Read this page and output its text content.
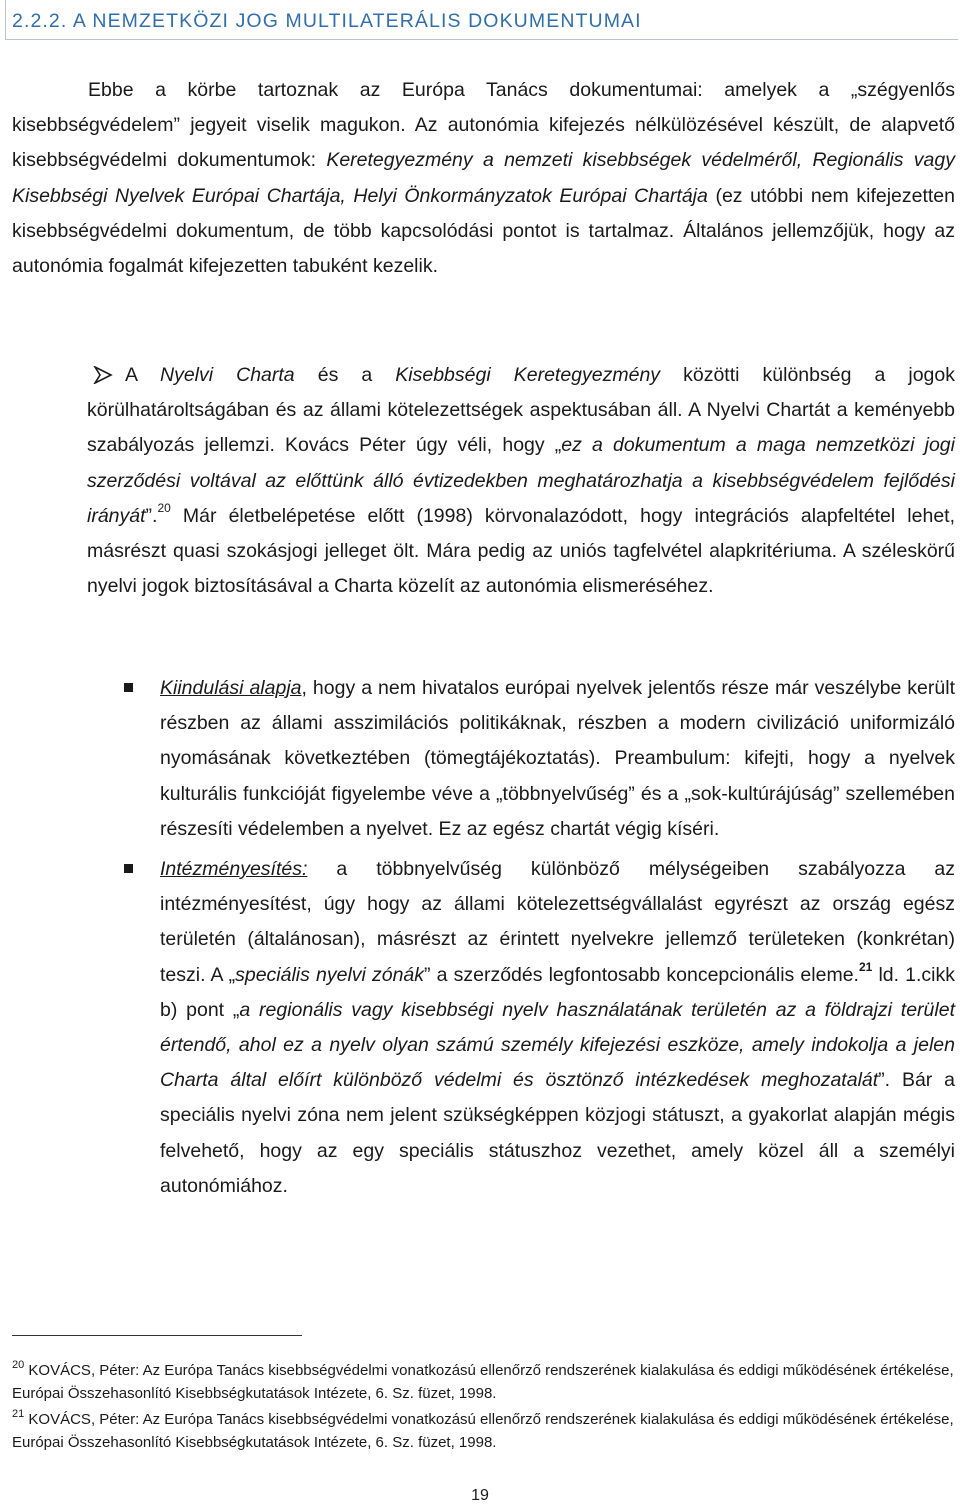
2.2.2. A NEMZETKÖZI JOG MULTILATERÁLIS DOKUMENTUMAI

Ebbe a körbe tartoznak az Európa Tanács dokumentumai: amelyek a „szégyenlős kisebbségvédelem” jegyeit viselik magukon. Az autonómia kifejezés nélkülözésével készült, de alapvető kisebbségvédelmi dokumentumok: Keretegyezmény a nemzeti kisebbségek védelméről, Regionális vagy Kisebbségi Nyelvek Európai Chartája, Helyi Önkormányzatok Európai Chartája (ez utóbbi nem kifejezetten kisebbségvédelmi dokumentum, de több kapcsolódási pontot is tartalmaz. Általános jellemzőjük, hogy az autonómia fogalmát kifejezetten tabuként kezelik.

A Nyelvi Charta és a Kisebbségi Keretegyezmény közötti különbség a jogok körülhatároltságában és az állami kötelezettségek aspektusában áll. A Nyelvi Chartát a keményebb szabályozás jellemzi. Kovács Péter úgy véli, hogy „ez a dokumentum a maga nemzetközi jogi szerződési voltával az előttünk álló évtizedekben meghatározhatja a kisebbségvédelem fejlődési irányát”.$^{20}$ Már életbelépetése előtt (1998) körvonalazódott, hogy integrációs alapfeltétel lehet, másrészt quasi szokásjogi jelleget ölt. Mára pedig az uniós tagfelvétel alapkritériuma. A széleskörű nyelvi jogok biztosításával a Charta közelít az autonómia elismeréséhez.

Kiindulási alapja, hogy a nem hivatalos európai nyelvek jelentős része már veszélybe került részben az állami asszimilációs politikáknak, részben a modern civilizáció uniformizáló nyomásának következtében (tömegtájékoztatás). Preambulum: kifejti, hogy a nyelvek kulturális funkcióját figyelembe véve a „többnyelvűség” és a „sok-kultúrájúság” szellemében részesíti védelemben a nyelvet. Ez az egész chartát végig kíséri.

Intézményesítés: a többnyelvűség különböző mélységeiben szabályozza az intézményesítést, úgy hogy az állami kötelezettségvállalást egyrészt az ország egész területén (általánosan), másrészt az érintett nyelvekre jellemző területeken (konkrétan) teszi. A „speciális nyelvi zónák” a szerződés legfontosabb koncepcionális eleme.$^{21}$ ld. 1.cikk b) pont „a regionális vagy kisebbségi nyelv használatának területén az a földrajzi terület értendő, ahol ez a nyelv olyan számú személy kifejezési eszköze, amely indokolja a jelen Charta által előírt különböző védelmi és ösztönző intézkedések meghozatalát”. Bár a speciális nyelvi zóna nem jelent szükségképpen közjogi státuszt, a gyakorlat alapján mégis felvehető, hogy az egy speciális státuszhoz vezethet, amely közel áll a személyi autonómiához.

$^{20}$ KOVÁCS, Péter: Az Európa Tanács kisebbségvédelmi vonatkozású ellenőrző rendszerének kialakulása és eddigi működésének értékelése, Európai Összehasonlító Kisebbségkutatások Intézete, 6. Sz. füzet, 1998.

$^{21}$ KOVÁCS, Péter: Az Európa Tanács kisebbségvédelmi vonatkozású ellenőrző rendszerének kialakulása és eddigi működésének értékelése, Európai Összehasonlító Kisebbségkutatások Intézete, 6. Sz. füzet, 1998.

19
